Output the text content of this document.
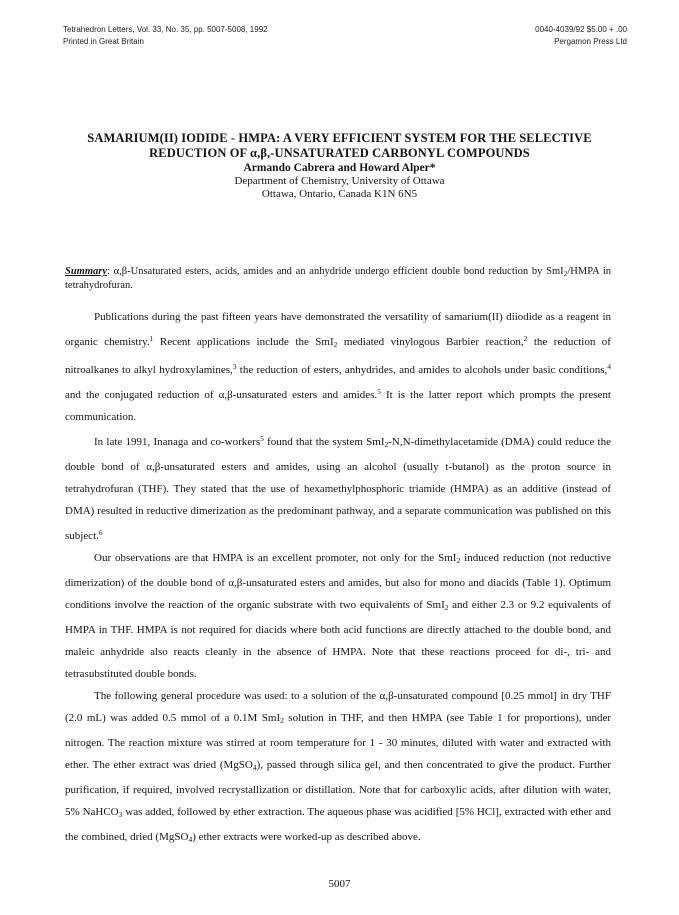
Tetrahedron Letters, Vol. 33, No. 35, pp. 5007-5008, 1992
Printed in Great Britain
0040-4039/92 $5.00 + .00
Pergamon Press Ltd
SAMARIUM(II) IODIDE - HMPA: A VERY EFFICIENT SYSTEM FOR THE SELECTIVE
REDUCTION OF α,β,-UNSATURATED CARBONYL COMPOUNDS
Armando Cabrera and Howard Alper*
Department of Chemistry, University of Ottawa
Ottawa, Ontario, Canada K1N 6N5
Summary: α,β-Unsaturated esters, acids, amides and an anhydride undergo efficient double bond reduction by SmI$_2$/HMPA in tetrahydrofuran.

Publications during the past fifteen years have demonstrated the versatility of samarium(II) diiodide as a reagent in organic chemistry.$^1$ Recent applications include the SmI$_2$ mediated vinylogous Barbier reaction,$^2$ the reduction of nitroalkanes to alkyl hydroxylamines,$^3$ the reduction of esters, anhydrides, and amides to alcohols under basic conditions,$^4$ and the conjugated reduction of α,β-unsaturated esters and amides.$^5$ It is the latter report which prompts the present communication.

In late 1991, Inanaga and co-workers$^5$ found that the system SmI$_2$-N,N-dimethylacetamide (DMA) could reduce the double bond of α,β-unsaturated esters and amides, using an alcohol (usually t-butanol) as the proton source in tetrahydrofuran (THF). They stated that the use of hexamethylphosphoric triamide (HMPA) as an additive (instead of DMA) resulted in reductive dimerization as the predominant pathway, and a separate communication was published on this subject.$^6$

Our observations are that HMPA is an excellent promoter, not only for the SmI$_2$ induced reduction (not reductive dimerization) of the double bond of α,β-unsaturated esters and amides, but also for mono and diacids (Table 1). Optimum conditions involve the reaction of the organic substrate with two equivalents of SmI$_2$ and either 2.3 or 9.2 equivalents of HMPA in THF. HMPA is not required for diacids where both acid functions are directly attached to the double bond, and maleic anhydride also reacts cleanly in the absence of HMPA. Note that these reactions proceed for di-, tri- and tetrasubstituted double bonds.

The following general procedure was used: to a solution of the α,β-unsaturated compound [0.25 mmol] in dry THF (2.0 mL) was added 0.5 mmol of a 0.1M SmI$_2$ solution in THF, and then HMPA (see Table 1 for proportions), under nitrogen. The reaction mixture was stirred at room temperature for 1 - 30 minutes, diluted with water and extracted with ether. The ether extract was dried (MgSO$_4$), passed through silica gel, and then concentrated to give the product. Further purification, if required, involved recrystallization or distillation. Note that for carboxylic acids, after dilution with water, 5% NaHCO$_3$ was added, followed by ether extraction. The aqueous phase was acidified [5% HCl], extracted with ether and the combined, dried (MgSO$_4$) ether extracts were worked-up as described above.

5007
